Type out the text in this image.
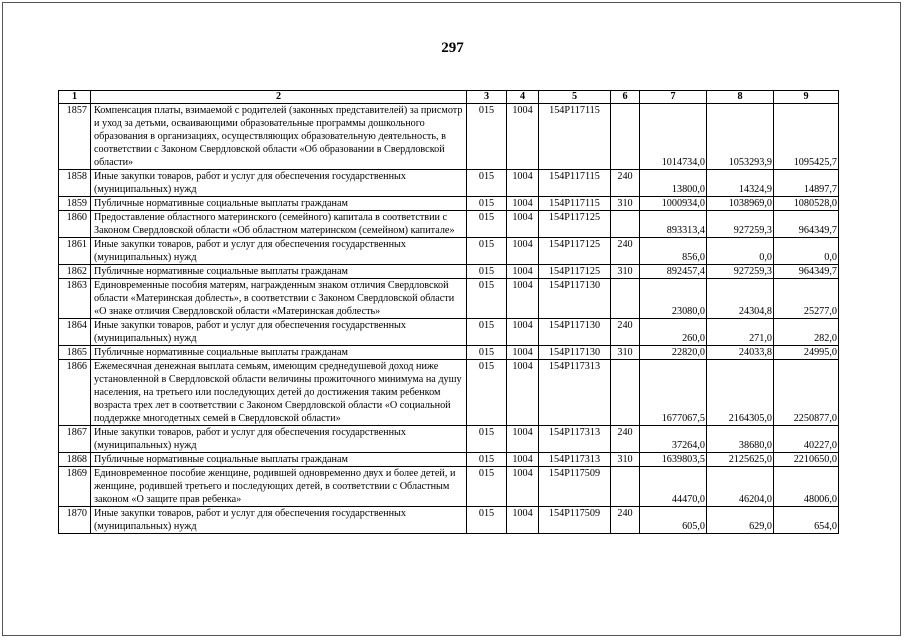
297
1	2	3	4	5	6	7	8	9
1857	Компенсация платы, взимаемой с родителей (законных представителей) за присмотр и уход за детьми, осваивающими образовательные программы дошкольного образования в организациях, осуществляющих образовательную деятельность, в соответствии с Законом Свердловской области «Об образовании в Свердловской области»	015	1004	154P117115		1014734,0	1053293,9	1095425,7
1858	Иные закупки товаров, работ и услуг для обеспечения государственных (муниципальных) нужд	015	1004	154P117115	240	13800,0	14324,9	14897,7
1859	Публичные нормативные социальные выплаты гражданам	015	1004	154P117115	310	1000934,0	1038969,0	1080528,0
1860	Предоставление областного материнского (семейного) капитала в соответствии с Законом Свердловской области «Об областном материнском (семейном) капитале»	015	1004	154P117125		893313,4	927259,3	964349,7
1861	Иные закупки товаров, работ и услуг для обеспечения государственных (муниципальных) нужд	015	1004	154P117125	240	856,0	0,0	0,0
1862	Публичные нормативные социальные выплаты гражданам	015	1004	154P117125	310	892457,4	927259,3	964349,7
1863	Единовременные пособия матерям, награжденным знаком отличия Свердловской области «Материнская доблесть», в соответствии с Законом Свердловской области «О знаке отличия Свердловской области «Материнская доблесть»	015	1004	154P117130		23080,0	24304,8	25277,0
1864	Иные закупки товаров, работ и услуг для обеспечения государственных (муниципальных) нужд	015	1004	154P117130	240	260,0	271,0	282,0
1865	Публичные нормативные социальные выплаты гражданам	015	1004	154P117130	310	22820,0	24033,8	24995,0
1866	Ежемесячная денежная выплата семьям, имеющим среднедушевой доход ниже установленной в Свердловской области величины прожиточного минимума на душу населения, на третьего или последующих детей до достижения таким ребенком возраста трех лет в соответствии с Законом Свердловской области «О социальной поддержке многодетных семей в Свердловской области»	015	1004	154P117313		1677067,5	2164305,0	2250877,0
1867	Иные закупки товаров, работ и услуг для обеспечения государственных (муниципальных) нужд	015	1004	154P117313	240	37264,0	38680,0	40227,0
1868	Публичные нормативные социальные выплаты гражданам	015	1004	154P117313	310	1639803,5	2125625,0	2210650,0
1869	Единовременное пособие женщине, родившей одновременно двух и более детей, и женщине, родившей третьего и последующих детей, в соответствии с Областным законом «О защите прав ребенка»	015	1004	154P117509		44470,0	46204,0	48006,0
1870	Иные закупки товаров, работ и услуг для обеспечения государственных (муниципальных) нужд	015	1004	154P117509	240	605,0	629,0	654,0
